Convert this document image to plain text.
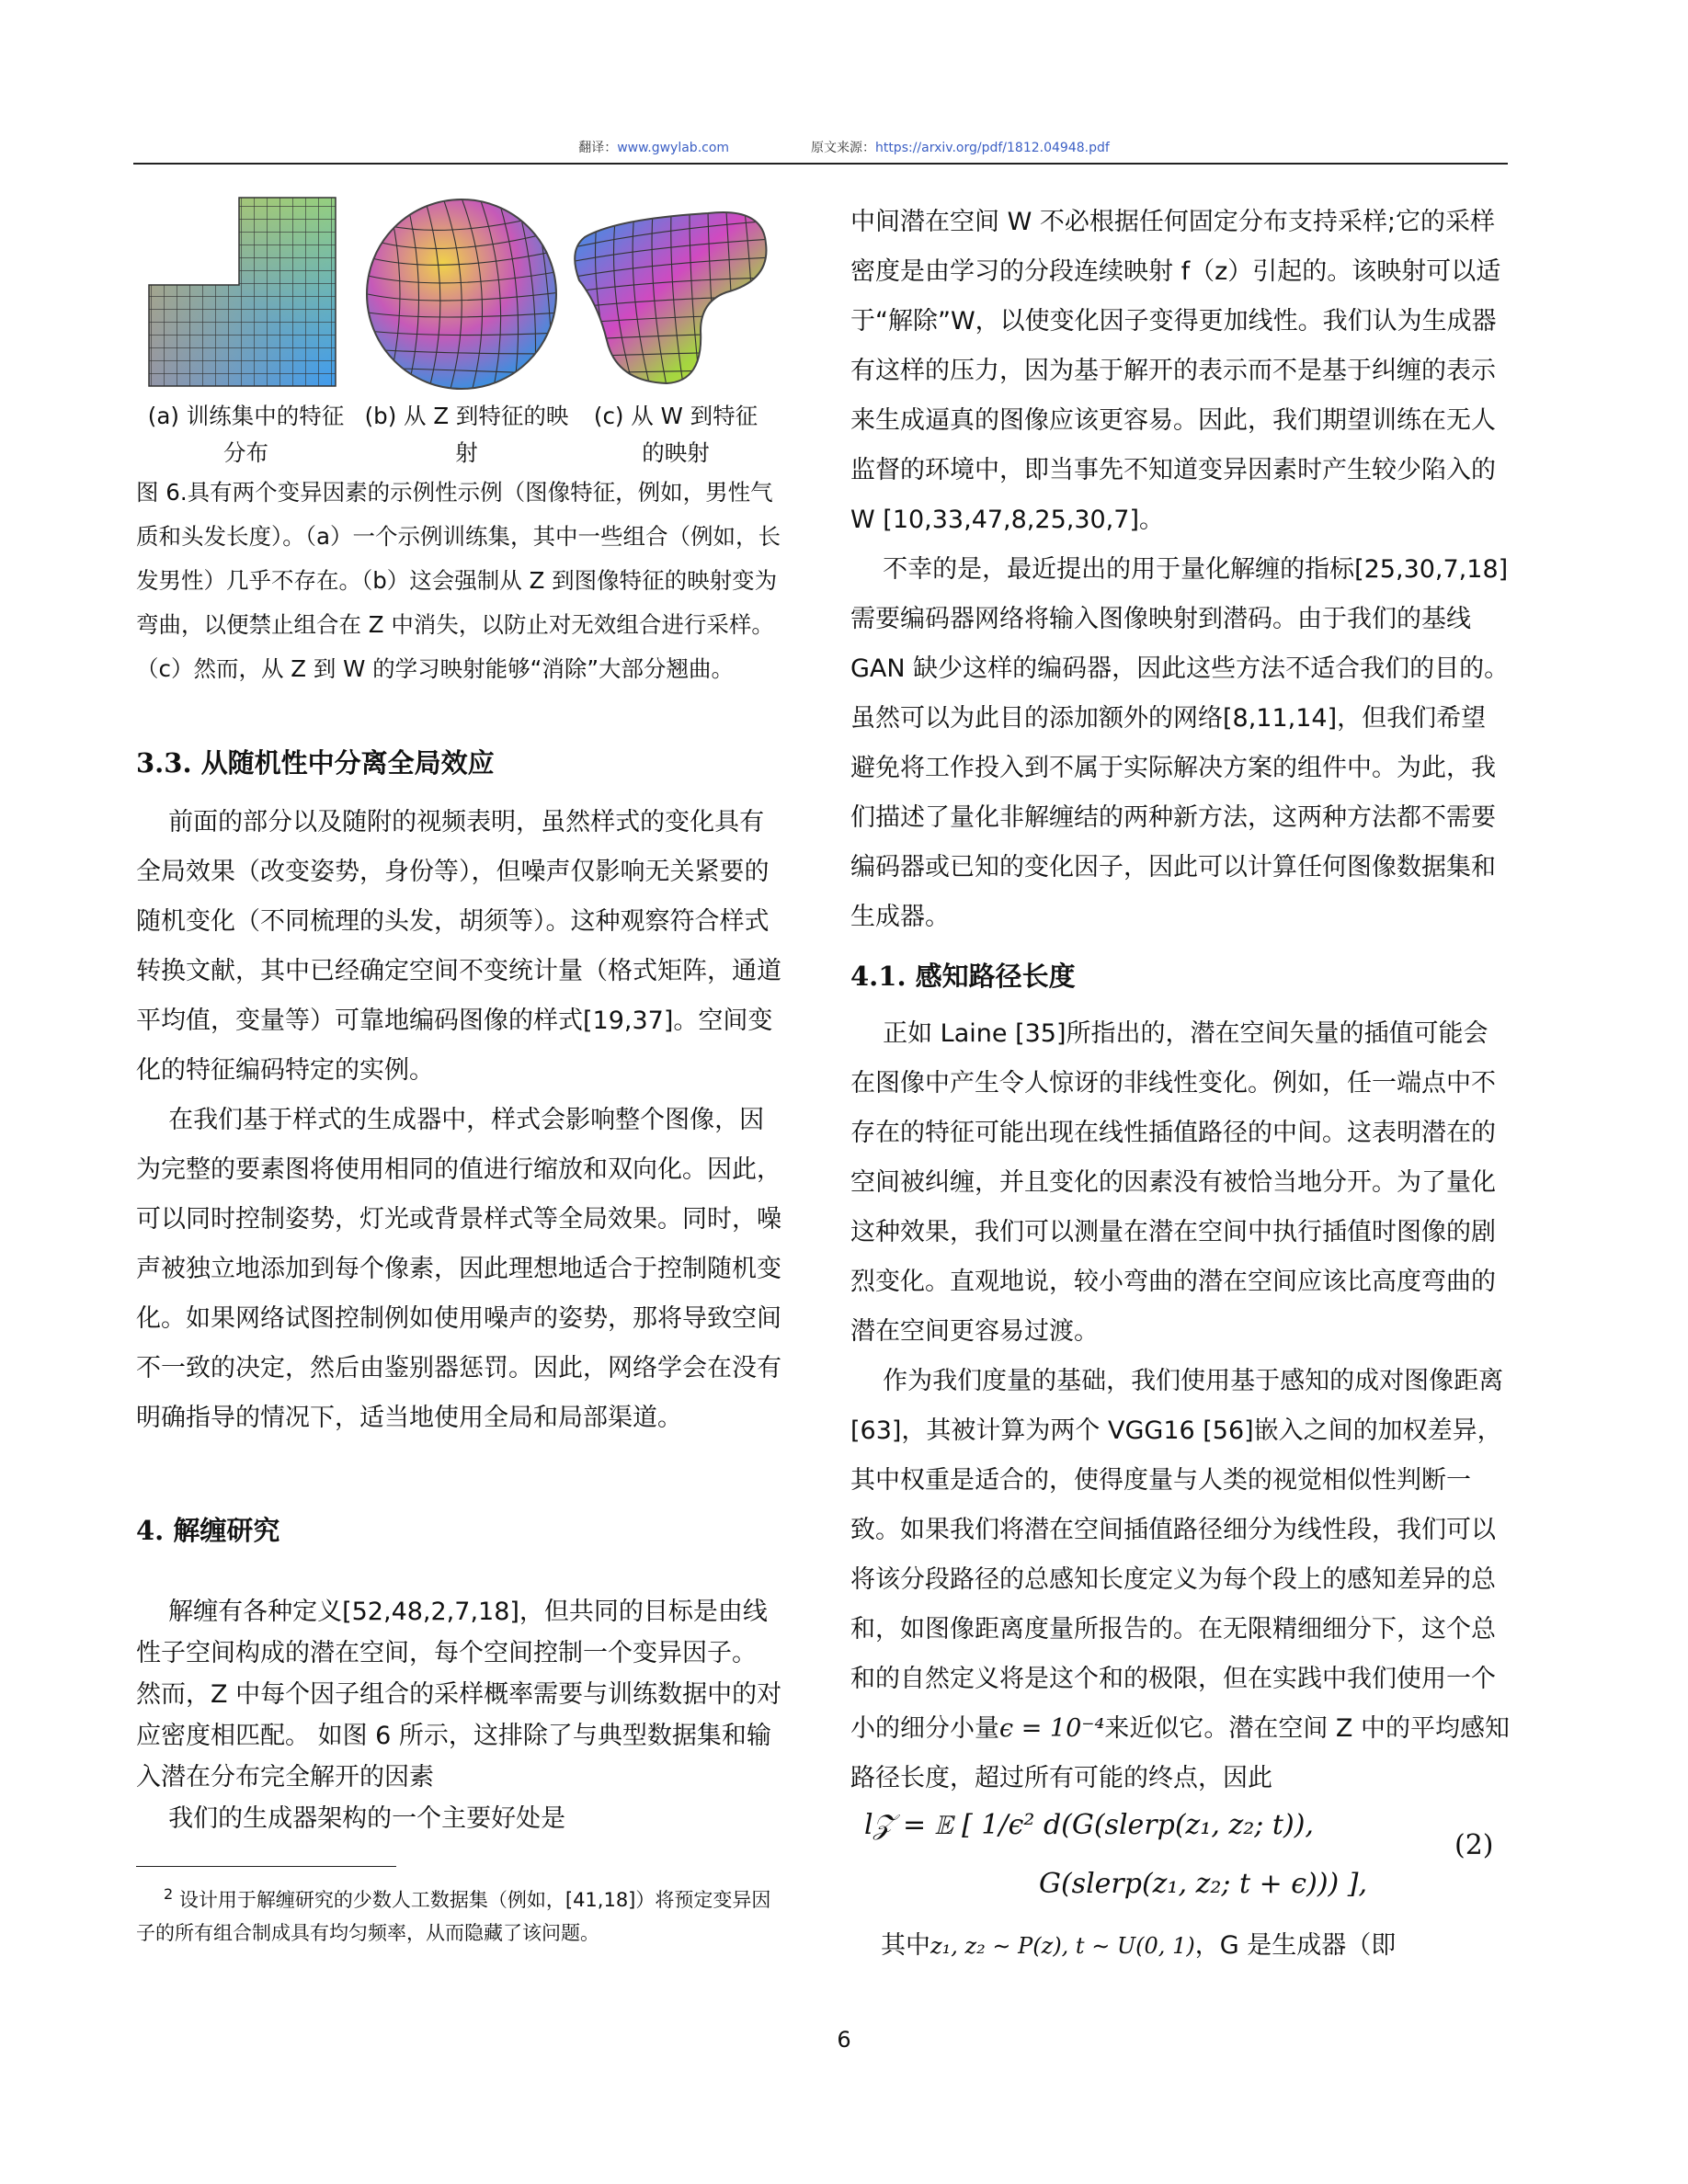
翻译：www.gwylab.com	原文来源：https://arxiv.org/pdf/1812.04948.pdf
(a) 训练集中的特征分布
(b) 从 Z 到特征的映射
(c) 从 W 到特征的映射
图 6.具有两个变异因素的示例性示例（图像特征，例如，男性气质和头发长度）。（a）一个示例训练集，其中一些组合（例如，长发男性）几乎不存在。（b）这会强制从 Z 到图像特征的映射变为弯曲，以便禁止组合在 Z 中消失，以防止对无效组合进行采样。（c）然而，从 Z 到 W 的学习映射能够“消除”大部分翘曲。
3.3. 从随机性中分离全局效应

前面的部分以及随附的视频表明，虽然样式的变化具有全局效果（改变姿势，身份等），但噪声仅影响无关紧要的随机变化（不同梳理的头发，胡须等）。这种观察符合样式转换文献，其中已经确定空间不变统计量（格式矩阵，通道平均值，变量等）可靠地编码图像的样式[19,37]。空间变化的特征编码特定的实例。

在我们基于样式的生成器中，样式会影响整个图像，因为完整的要素图将使用相同的值进行缩放和双向化。因此，可以同时控制姿势，灯光或背景样式等全局效果。同时，噪声被独立地添加到每个像素，因此理想地适合于控制随机变化。如果网络试图控制例如使用噪声的姿势，那将导致空间不一致的决定，然后由鉴别器惩罚。因此，网络学会在没有明确指导的情况下，适当地使用全局和局部渠道。

4. 解缠研究

解缠有各种定义[52,48,2,7,18]，但共同的目标是由线性子空间构成的潜在空间，每个空间控制一个变异因子。 然而，Z 中每个因子组合的采样概率需要与训练数据中的对应密度相匹配。 如图 6 所示，这排除了与典型数据集和输入潜在分布完全解开的因素

我们的生成器架构的一个主要好处是

$^2$ 设计用于解缠研究的少数人工数据集（例如，[41,18]）将预定变异因子的所有组合制成具有均匀频率，从而隐藏了该问题。

中间潜在空间 W 不必根据任何固定分布支持采样;它的采样密度是由学习的分段连续映射 f（z）引起的。该映射可以适于“解除”W，以使变化因子变得更加线性。我们认为生成器有这样的压力，因为基于解开的表示而不是基于纠缠的表示来生成逼真的图像应该更容易。因此，我们期望训练在无人监督的环境中，即当事先不知道变异因素时产生较少陷入的 W [10,33,47,8,25,30,7]。

不幸的是，最近提出的用于量化解缠的指标[25,30,7,18]需要编码器网络将输入图像映射到潜码。由于我们的基线 GAN 缺少这样的编码器，因此这些方法不适合我们的目的。虽然可以为此目的添加额外的网络[8,11,14]，但我们希望避免将工作投入到不属于实际解决方案的组件中。为此，我们描述了量化非解缠结的两种新方法，这两种方法都不需要编码器或已知的变化因子，因此可以计算任何图像数据集和生成器。

4.1. 感知路径长度

正如 Laine [35]所指出的，潜在空间矢量的插值可能会在图像中产生令人惊讶的非线性变化。例如，任一端点中不存在的特征可能出现在线性插值路径的中间。这表明潜在的空间被纠缠，并且变化的因素没有被恰当地分开。为了量化这种效果，我们可以测量在潜在空间中执行插值时图像的剧烈变化。直观地说，较小弯曲的潜在空间应该比高度弯曲的潜在空间更容易过渡。

作为我们度量的基础，我们使用基于感知的成对图像距离[63]，其被计算为两个 VGG16 [56]嵌入之间的加权差异，其中权重是适合的，使得度量与人类的视觉相似性判断一致。如果我们将潜在空间插值路径细分为线性段，我们可以将该分段路径的总感知长度定义为每个段上的感知差异的总和，如图像距离度量所报告的。在无限精细细分下，这个总和的自然定义将是这个和的极限，但在实践中我们使用一个小的细分小量ϵ = 10⁻⁴来近似它。潜在空间 Z 中的平均感知路径长度，超过所有可能的终点，因此

l𝒵 = 𝔼 [ 1/ϵ² d(G(slerp(z₁, z₂; t)),
G(slerp(z₁, z₂; t + ϵ))) ],
(2)
其中z₁, z₂ ∼ P(z), t ∼ U(0, 1)，G 是生成器（即
6
